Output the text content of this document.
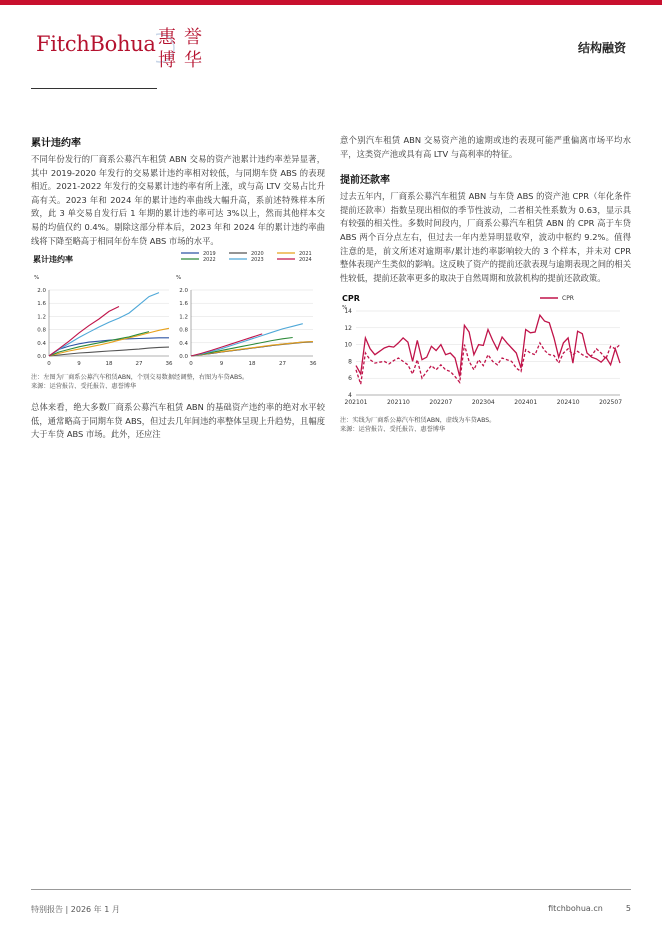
FitchBohua 惠 誉
博 华
结构融资
累计违约率

不同年份发行的厂商系公募汽车租赁 ABN 交易的资产池累计违约率差异显著，其中 2019-2020 年发行的交易累计违约率相对较低，与同期车贷 ABS 的表现相近。2021-2022 年发行的交易累计违约率有所上涨，或与高 LTV 交易占比升高有关。2023 年和 2024 年的累计违约率曲线大幅升高，系前述特殊样本所致，此 3 单交易自发行后 1 年期的累计违约率可达 3%以上，然而其他样本交易的均值仅约 0.4%。剔除这部分样本后，2023 年和 2024 年的累计违约率曲线将下降至略高于相同年份车贷 ABS 市场的水平。

累计违约率
2019	2020	2021
2022	2023	2024
%
0.0
0.4
0.8
1.2
1.6
2.0
0	9	18	27	36
%
0.0
0.4
0.8
1.2
1.6
2.0
0	9	18	27	36
注：左图为厂商系公募汽车租赁ABN，个别交易数据经调整，右图为车贷ABS。
来源：运营报告、受托报告、惠誉博华

总体来看，绝大多数厂商系公募汽车租赁 ABN 的基础资产违约率的绝对水平较低，通常略高于同期车贷 ABS，但过去几年间违约率整体呈现上升趋势，且幅度大于车贷 ABS 市场。此外，还应注

意个别汽车租赁 ABN 交易资产池的逾期或违约表现可能严重偏离市场平均水平，这类资产池或具有高 LTV 与高利率的特征。

提前还款率

过去五年内，厂商系公募汽车租赁 ABN 与车贷 ABS 的资产池 CPR（年化条件提前还款率）指数呈现出相似的季节性波动，二者相关性系数为 0.63，显示具有较强的相关性。多数时间段内，厂商系公募汽车租赁 ABN 的 CPR 高于车贷 ABS 两个百分点左右，但过去一年内差异明显收窄，波动中枢约 9.2%。值得注意的是，前文所述对逾期率/累计违约率影响较大的 3 个样本，并未对 CPR 整体表现产生类似的影响。这反映了资产的提前还款表现与逾期表现之间的相关性较低，提前还款率更多的取决于自然周期和放款机构的提前还款政策。

CPR
%
CPR
4
6
8
10
12
14
202101	202110	202207	202304	202401	202410	202507
注：实线为厂商系公募汽车租赁ABN，虚线为车贷ABS。
来源：运营报告、受托报告、惠誉博华
特别报告 | 2026 年 1 月	fitchbohua.cn	5
